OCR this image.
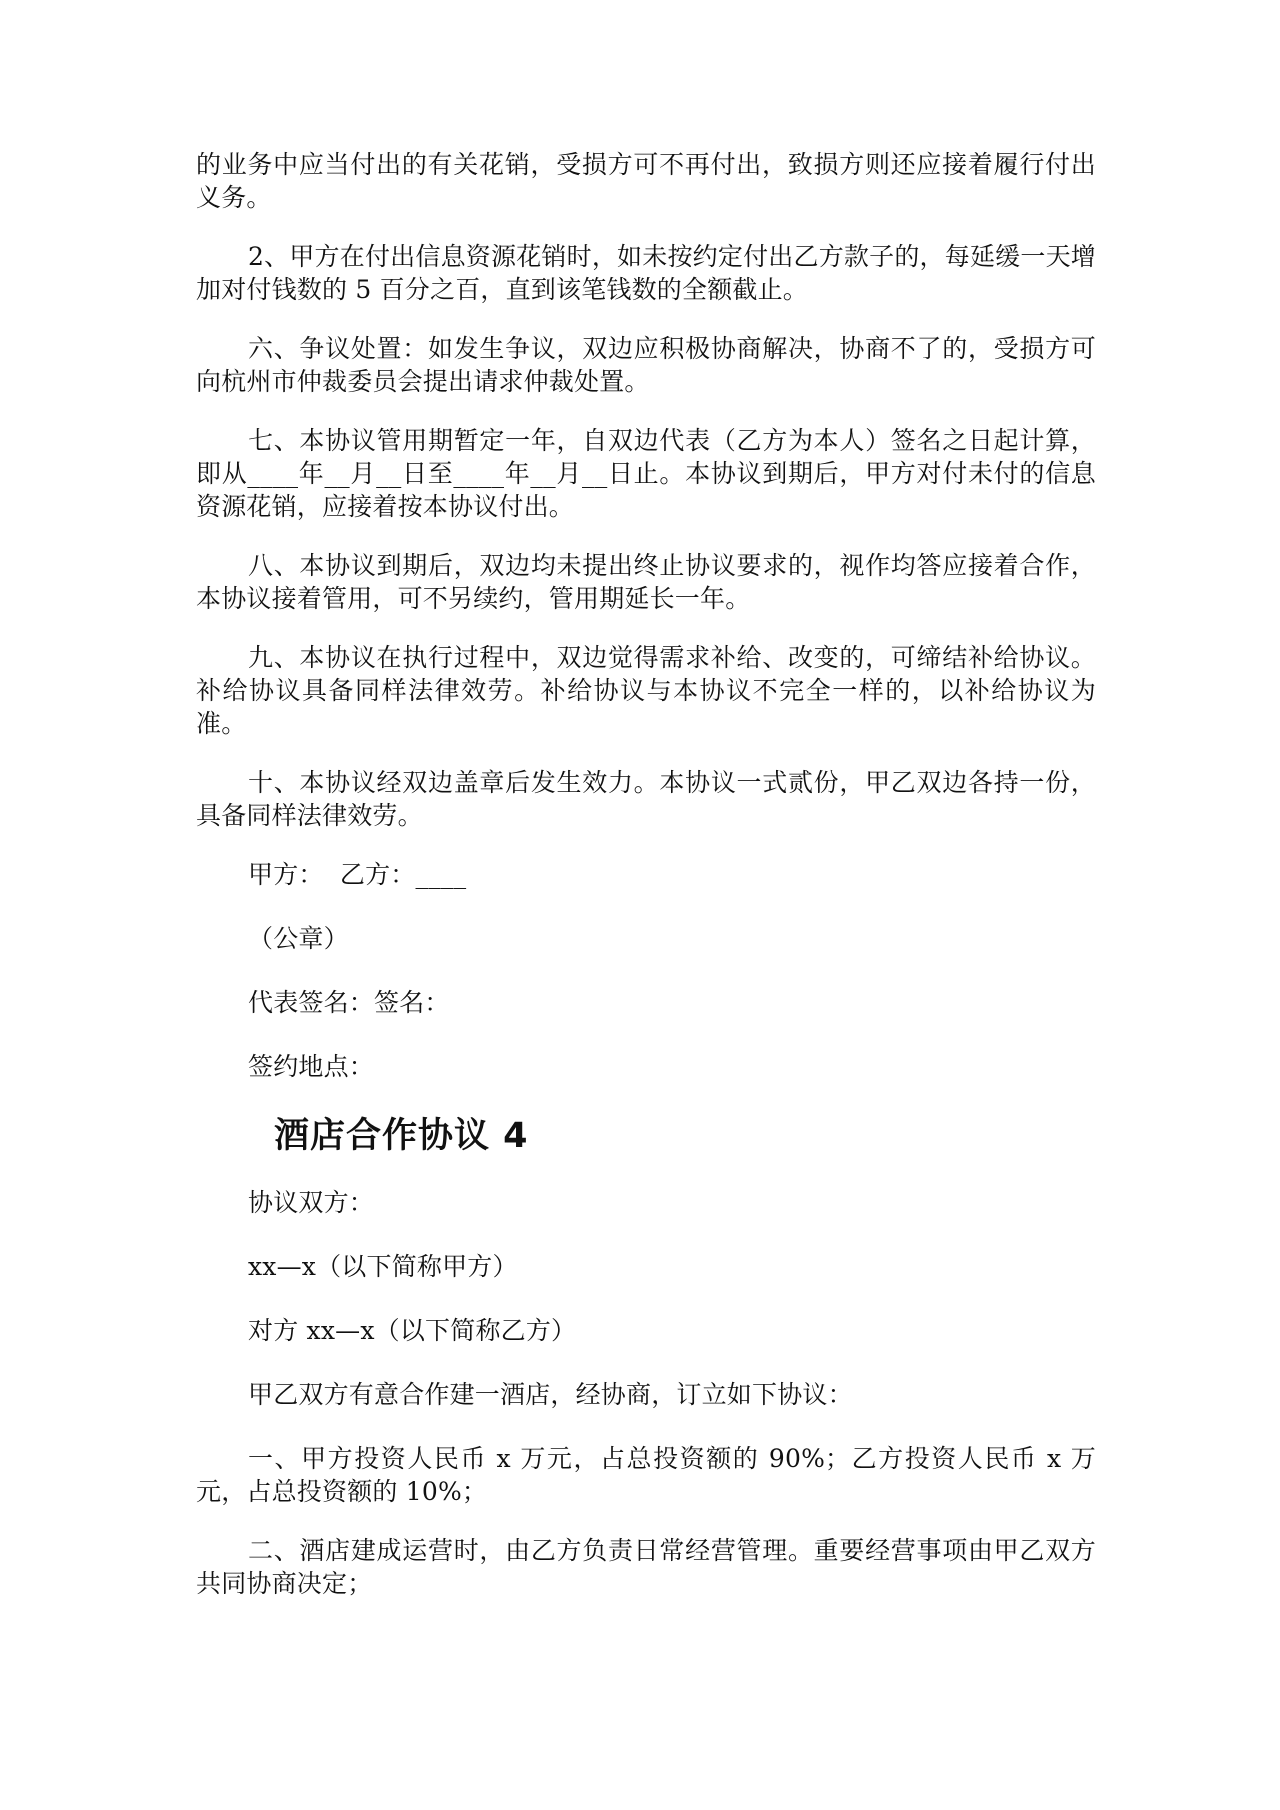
的业务中应当付出的有关花销，受损方可不再付出，致损方则还应接着履行付出义务。

2、甲方在付出信息资源花销时，如未按约定付出乙方款子的，每延缓一天增加对付钱数的 5 百分之百，直到该笔钱数的全额截止。

六、争议处置：如发生争议，双边应积极协商解决，协商不了的，受损方可向杭州市仲裁委员会提出请求仲裁处置。

七、本协议管用期暂定一年，自双边代表（乙方为本人）签名之日起计算，即从____年__月__日至____年__月__日止。本协议到期后，甲方对付未付的信息资源花销，应接着按本协议付出。

八、本协议到期后，双边均未提出终止协议要求的，视作均答应接着合作，本协议接着管用，可不另续约，管用期延长一年。

九、本协议在执行过程中，双边觉得需求补给、改变的，可缔结补给协议。补给协议具备同样法律效劳。补给协议与本协议不完全一样的，以补给协议为准。

十、本协议经双边盖章后发生效力。本协议一式贰份，甲乙双边各持一份，具备同样法律效劳。

甲方：  乙方：____

（公章）

代表签名：签名：

签约地点：

酒店合作协议 4

协议双方：

xx—x（以下简称甲方）

对方 xx—x（以下简称乙方）

甲乙双方有意合作建一酒店，经协商，订立如下协议：

一、甲方投资人民币 x 万元，占总投资额的 90%；乙方投资人民币 x 万元，占总投资额的 10%；

二、酒店建成运营时，由乙方负责日常经营管理。重要经营事项由甲乙双方共同协商决定；
